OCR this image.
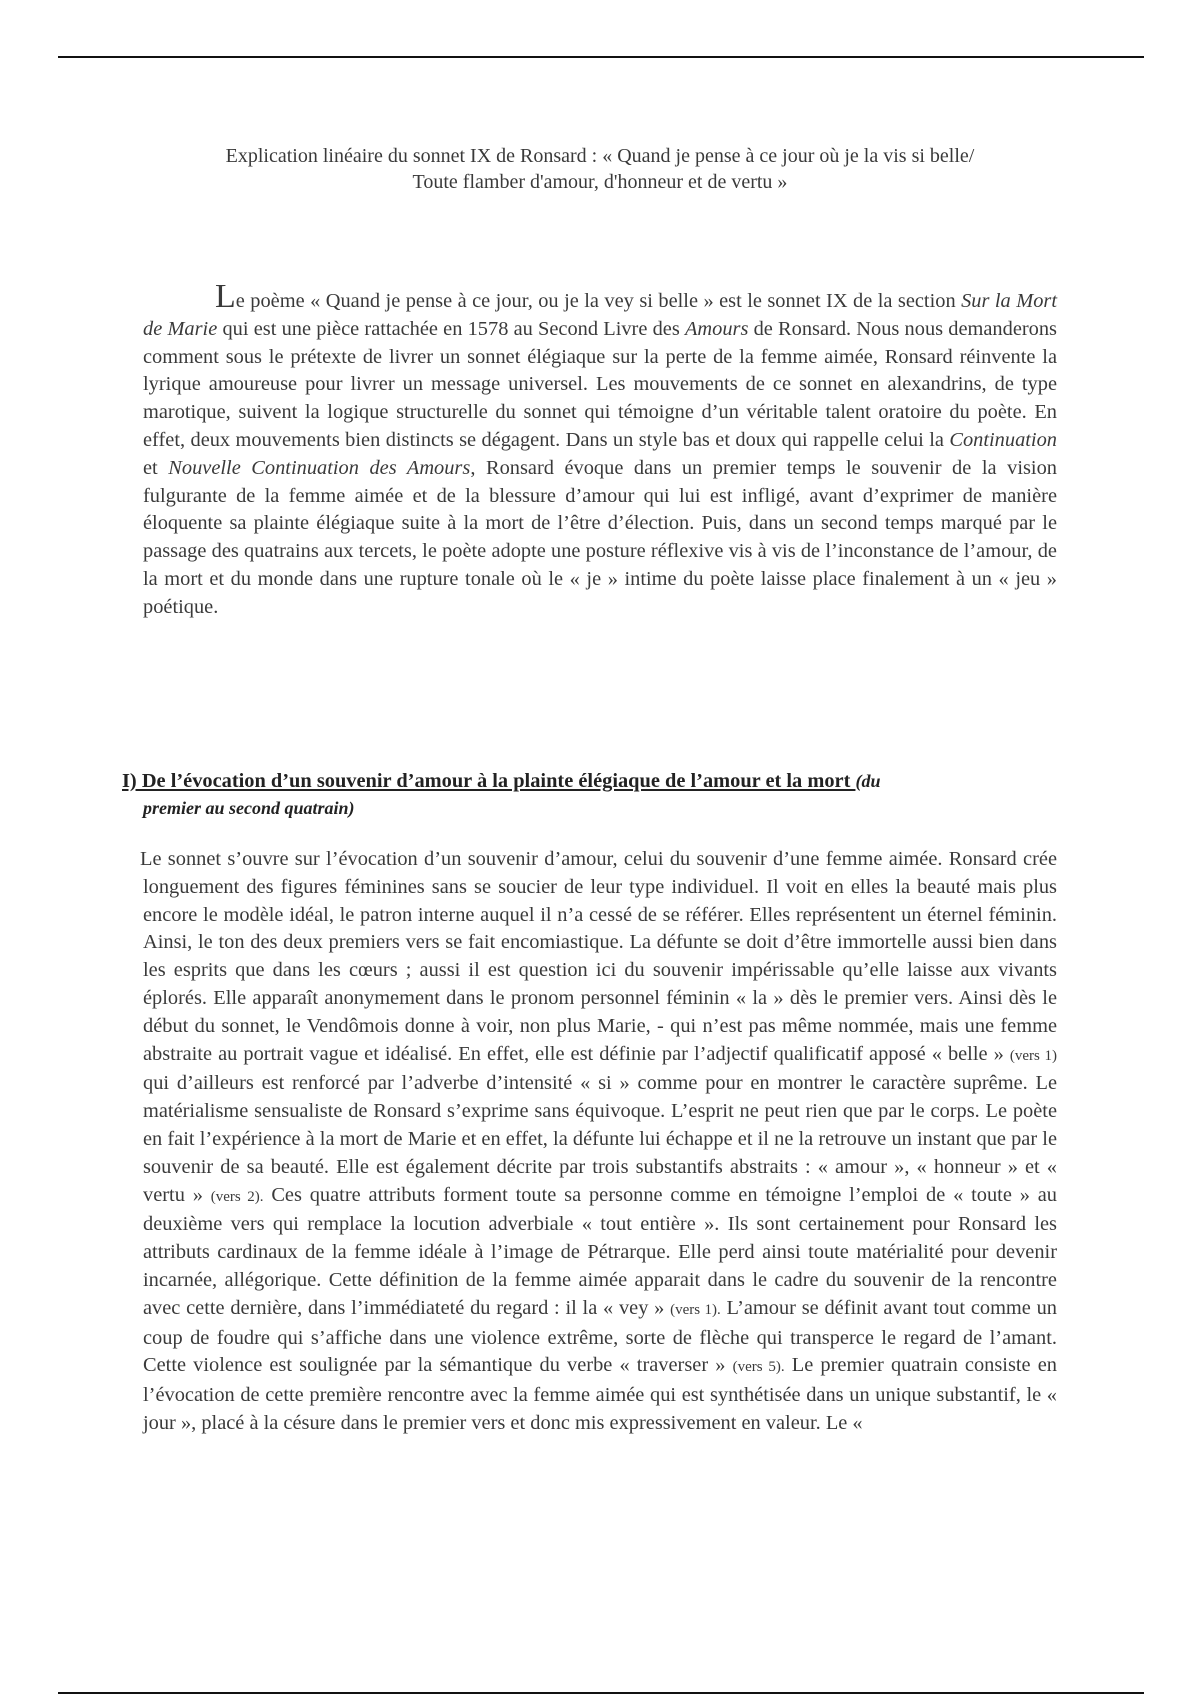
Explication linéaire du sonnet IX de Ronsard : « Quand je pense à ce jour où je la vis si belle/
Toute flamber d'amour, d'honneur et de vertu »
Le poème « Quand je pense à ce jour, ou je la vey si belle » est le sonnet IX de la section Sur la Mort de Marie qui est une pièce rattachée en 1578 au Second Livre des Amours de Ronsard. Nous nous demanderons comment sous le prétexte de livrer un sonnet élégiaque sur la perte de la femme aimée, Ronsard réinvente la lyrique amoureuse pour livrer un message universel. Les mouvements de ce sonnet en alexandrins, de type marotique, suivent la logique structurelle du sonnet qui témoigne d’un véritable talent oratoire du poète. En effet, deux mouvements bien distincts se dégagent. Dans un style bas et doux qui rappelle celui la Continuation et Nouvelle Continuation des Amours, Ronsard évoque dans un premier temps le souvenir de la vision fulgurante de la femme aimée et de la blessure d’amour qui lui est infligé, avant d’exprimer de manière éloquente sa plainte élégiaque suite à la mort de l’être d’élection. Puis, dans un second temps marqué par le passage des quatrains aux tercets, le poète adopte une posture réflexive vis à vis de l’inconstance de l’amour, de la mort et du monde dans une rupture tonale où le « je » intime du poète laisse place finalement à un « jeu » poétique.
I) De l’évocation d’un souvenir d’amour à la plainte élégiaque de l’amour et la mort (du
premier au second quatrain)
Le sonnet s’ouvre sur l’évocation d’un souvenir d’amour, celui du souvenir d’une femme aimée. Ronsard crée longuement des figures féminines sans se soucier de leur type individuel. Il voit en elles la beauté mais plus encore le modèle idéal, le patron interne auquel il n’a cessé de se référer. Elles représentent un éternel féminin. Ainsi, le ton des deux premiers vers se fait encomiastique. La défunte se doit d’être immortelle aussi bien dans les esprits que dans les cœurs ; aussi il est question ici du souvenir impérissable qu’elle laisse aux vivants éplorés. Elle apparaît anonymement dans le pronom personnel féminin « la » dès le premier vers. Ainsi dès le début du sonnet, le Vendômois donne à voir, non plus Marie, - qui n’est pas même nommée, mais une femme abstraite au portrait vague et idéalisé. En effet, elle est définie par l’adjectif qualificatif apposé « belle » (vers 1) qui d’ailleurs est renforcé par l’adverbe d’intensité « si » comme pour en montrer le caractère suprême. Le matérialisme sensualiste de Ronsard s’exprime sans équivoque. L’esprit ne peut rien que par le corps. Le poète en fait l’expérience à la mort de Marie et en effet, la défunte lui échappe et il ne la retrouve un instant que par le souvenir de sa beauté. Elle est également décrite par trois substantifs abstraits : « amour », « honneur » et « vertu » (vers 2). Ces quatre attributs forment toute sa personne comme en témoigne l’emploi de « toute » au deuxième vers qui remplace la locution adverbiale « tout entière ». Ils sont certainement pour Ronsard les attributs cardinaux de la femme idéale à l’image de Pétrarque. Elle perd ainsi toute matérialité pour devenir incarnée, allégorique. Cette définition de la femme aimée apparait dans le cadre du souvenir de la rencontre avec cette dernière, dans l’immédiateté du regard : il la « vey » (vers 1). L’amour se définit avant tout comme un coup de foudre qui s’affiche dans une violence extrême, sorte de flèche qui transperce le regard de l’amant. Cette violence est soulignée par la sémantique du verbe « traverser » (vers 5). Le premier quatrain consiste en l’évocation de cette première rencontre avec la femme aimée qui est synthétisée dans un unique substantif, le « jour », placé à la césure dans le premier vers et donc mis expressivement en valeur. Le «
